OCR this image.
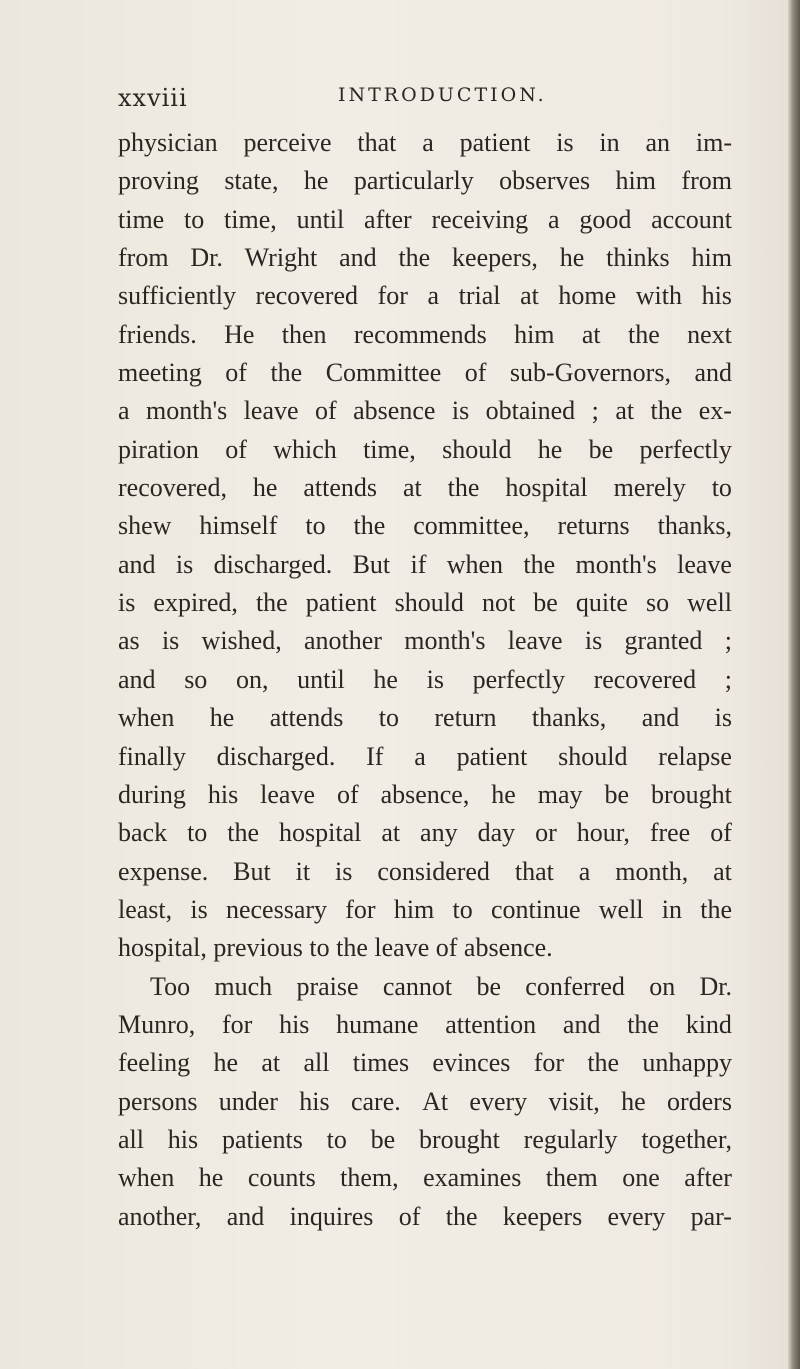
xxviii	INTRODUCTION.
physician perceive that a patient is in an im-
proving state, he particularly observes him from
time to time, until after receiving a good account
from Dr. Wright and the keepers, he thinks him
sufficiently recovered for a trial at home with his
friends. He then recommends him at the next
meeting of the Committee of sub-Governors, and
a month's leave of absence is obtained ; at the ex-
piration of which time, should he be perfectly
recovered, he attends at the hospital merely to
shew himself to the committee, returns thanks,
and is discharged. But if when the month's leave
is expired, the patient should not be quite so well
as is wished, another month's leave is granted ;
and so on, until he is perfectly recovered ;
when he attends to return thanks, and is
finally discharged. If a patient should relapse
during his leave of absence, he may be brought
back to the hospital at any day or hour, free of
expense. But it is considered that a month, at
least, is necessary for him to continue well in the
hospital,
previous
to
the
leave
of
absence.
Too much praise cannot be conferred on Dr.
Munro, for his humane attention and the kind
feeling he at all times evinces for the unhappy
persons under his care. At every visit, he orders
all his patients to be brought regularly together,
when he counts them, examines them one after
another, and inquires of the keepers every par-
